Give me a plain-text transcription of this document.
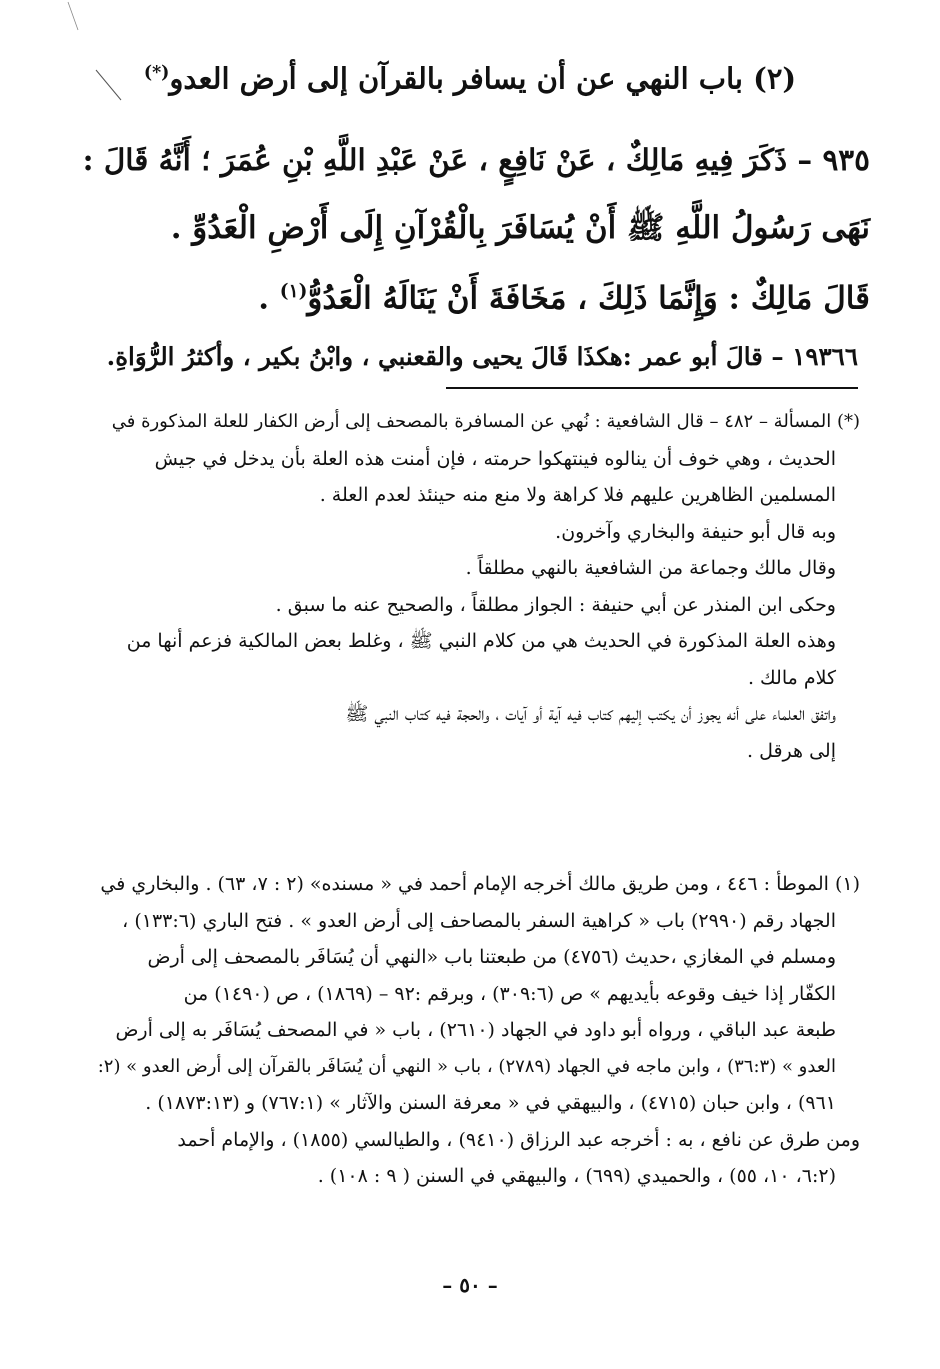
(٢) باب النهي عن أن يسافر بالقرآن إلى أرض العدو(*)
٩٣٥ – ذَكَرَ فِيهِ مَالِكٌ ، عَنْ نَافِعٍ ، عَنْ عَبْدِ اللَّهِ بْنِ عُمَرَ ؛ أَنَّهُ قَالَ :
نَهَى رَسُولُ اللَّهِ ﷺ أَنْ يُسَافَرَ بِالْقُرْآنِ إِلَى أَرْضِ الْعَدُوِّ .
قَالَ مَالِكٌ : وَإِنَّمَا ذَلِكَ ، مَخَافَةَ أَنْ يَنَالَهُ الْعَدُوُّ$^{(١)}$ .
١٩٣٦٦ – قالَ أبو عمر :هكذَا قَالَ يحيى والقعنبي ، وابْنُ بكير ، وأكثرُ الرُّوَاةِ.
(*) المسألة – ٤٨٢ – قال الشافعية : نُهي عن المسافرة بالمصحف إلى أرض الكفار للعلة المذكورة في
الحديث ، وهي خوف أن ينالوه فينتهكوا حرمته ، فإن أمنت هذه العلة بأن يدخل في جيش
المسلمين الظاهرين عليهم فلا كراهة ولا منع منه حينئذ لعدم العلة .
وبه قال أبو حنيفة والبخاري وآخرون.
وقال مالك وجماعة من الشافعية بالنهي مطلقاً .
وحكى ابن المنذر عن أبي حنيفة : الجواز مطلقاً ، والصحيح عنه ما سبق .
وهذه العلة المذكورة في الحديث هي من كلام النبي ﷺ ، وغلط بعض المالكية فزعم أنها من
كلام مالك .
واتفق العلماء على أنه يجوز أن يكتب إليهم كتاب فيه آية أو آيات ، والحجة فيه كتاب النبي ﷺ
إلى هرقل .
(١) الموطأ : ٤٤٦ ، ومن طريق مالك أخرجه الإمام أحمد في « مسنده» (٢ : ٧، ٦٣) . والبخاري في
الجهاد رقم (٢٩٩٠) باب « كراهية السفر بالمصاحف إلى أرض العدو » . فتح الباري (١٣٣:٦) ،
ومسلم في المغازي ،حديث (٤٧٥٦) من طبعتنا باب «النهي أن يُسَافَر بالمصحف إلى أرض
الكفّار إذا خيف وقوعه بأيديهم » ص (٣٠٩:٦) ، وبرقم :٩٢ – (١٨٦٩) ، ص (١٤٩٠) من
طبعة عبد الباقي ، ورواه أبو داود في الجهاد (٢٦١٠) ، باب « في المصحف يُسَافَر به إلى أرض
العدو » (٣٦:٣) ، وابن ماجه في الجهاد (٢٧٨٩) ، باب « النهي أن يُسَافَر بالقرآن إلى أرض العدو » (٢:
٩٦١) ، وابن حبان (٤٧١٥) ، والبيهقي في « معرفة السنن والآثار » (٧٦٧:١) و (١٨٧٣:١٣) .
ومن طرق عن نافع ، به : أخرجه عبد الرزاق (٩٤١٠) ، والطيالسي (١٨٥٥) ، والإمام أحمد
(٦:٢، ١٠، ٥٥) ، والحميدي (٦٩٩) ، والبيهقي في السنن ( ٩ : ١٠٨) .
– ٥٠ –
